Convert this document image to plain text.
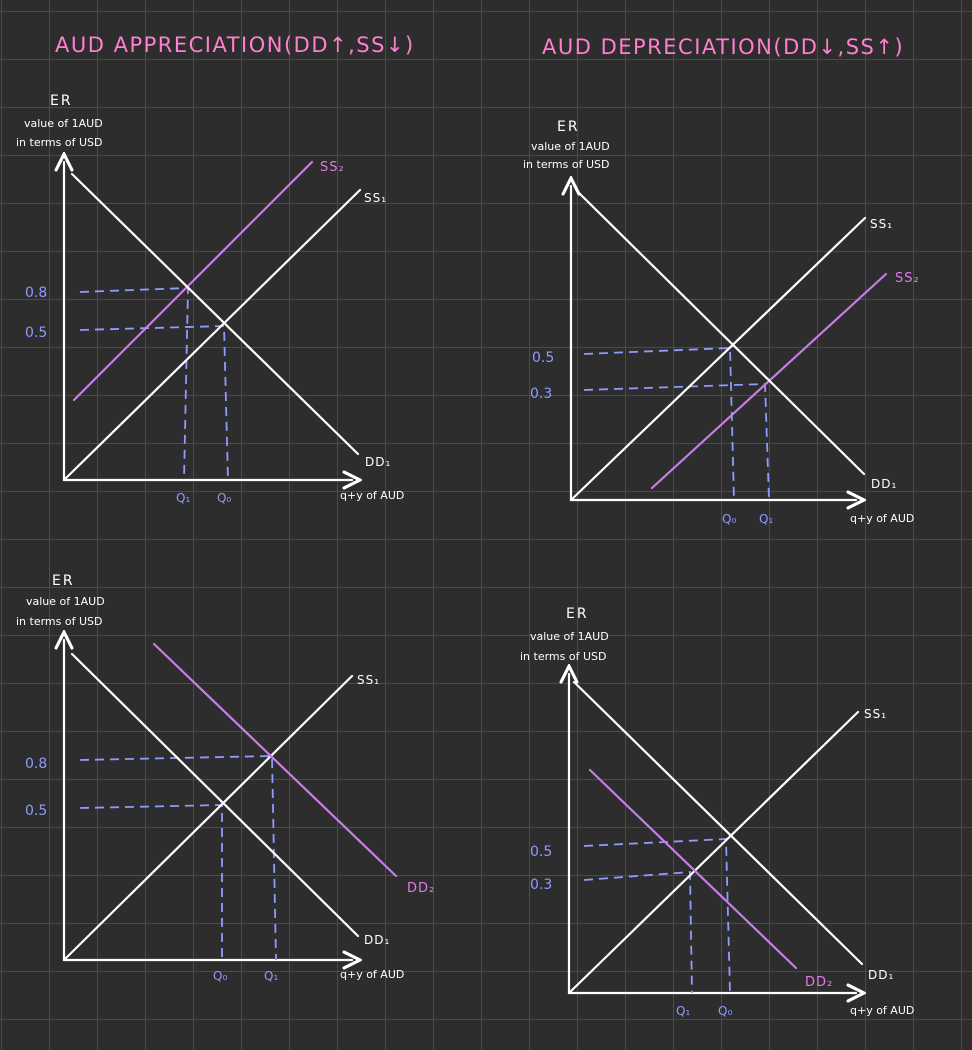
AUD APPRECIATION(DD↑,SS↓)	AUD DEPRECIATION(DD↓,SS↑)
ER
value of 1AUD
in terms of USD
q+y of AUD
0.8
0.5
SS₁
SS₂
DD₁
Q₁ Q₀
ER
value of 1AUD
in terms of USD
q+y of AUD
0.5
0.3
SS₁
SS₂
DD₁
Q₀ Q₁
ER
value of 1AUD
in terms of USD
q+y of AUD
0.8
0.5
SS₁
DD₂
DD₁
Q₀	Q₁
ER
value of 1AUD
in terms of USD
q+y of AUD
0.5
0.3
SS₁
DD₂	DD₁
Q₁ Q₀
